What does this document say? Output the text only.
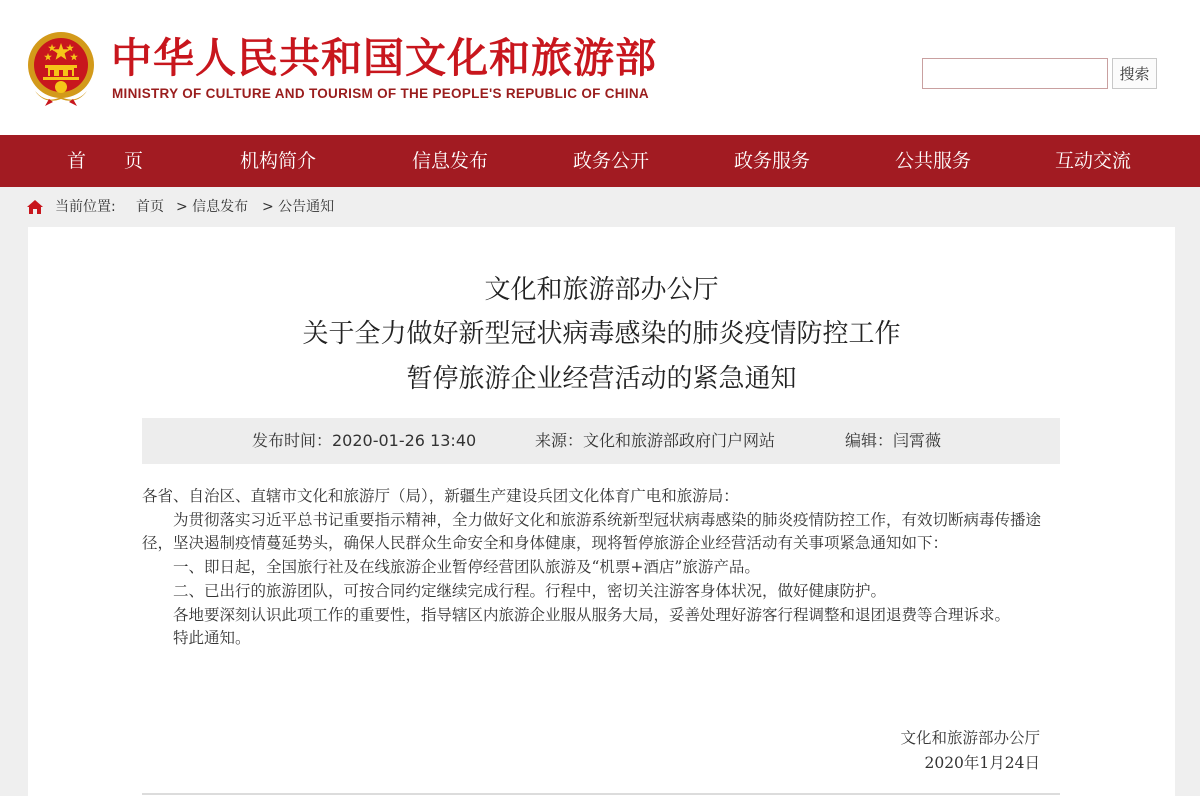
中华人民共和国文化和旅游部
MINISTRY OF CULTURE AND TOURISM OF THE PEOPLE'S REPUBLIC OF CHINA
搜索
首　　页	机构简介	信息发布	政务公开	政务服务	公共服务	互动交流
当前位置: 首页 > 信息发布 > 公告通知
文化和旅游部办公厅
关于全力做好新型冠状病毒感染的肺炎疫情防控工作
暂停旅游企业经营活动的紧急通知
发布时间：2020-01-26 13:40	来源：文化和旅游部政府门户网站	编辑：闫霄薇

各省、自治区、直辖市文化和旅游厅（局），新疆生产建设兵团文化体育广电和旅游局：

为贯彻落实习近平总书记重要指示精神，全力做好文化和旅游系统新型冠状病毒感染的肺炎疫情防控工作，有效切断病毒传播途径，坚决遏制疫情蔓延势头，确保人民群众生命安全和身体健康，现将暂停旅游企业经营活动有关事项紧急通知如下：

一、即日起，全国旅行社及在线旅游企业暂停经营团队旅游及“机票+酒店”旅游产品。

二、已出行的旅游团队，可按合同约定继续完成行程。行程中，密切关注游客身体状况，做好健康防护。

各地要深刻认识此项工作的重要性，指导辖区内旅游企业服从服务大局，妥善处理好游客行程调整和退团退费等合理诉求。

特此通知。

文化和旅游部办公厅
2020年1月24日
